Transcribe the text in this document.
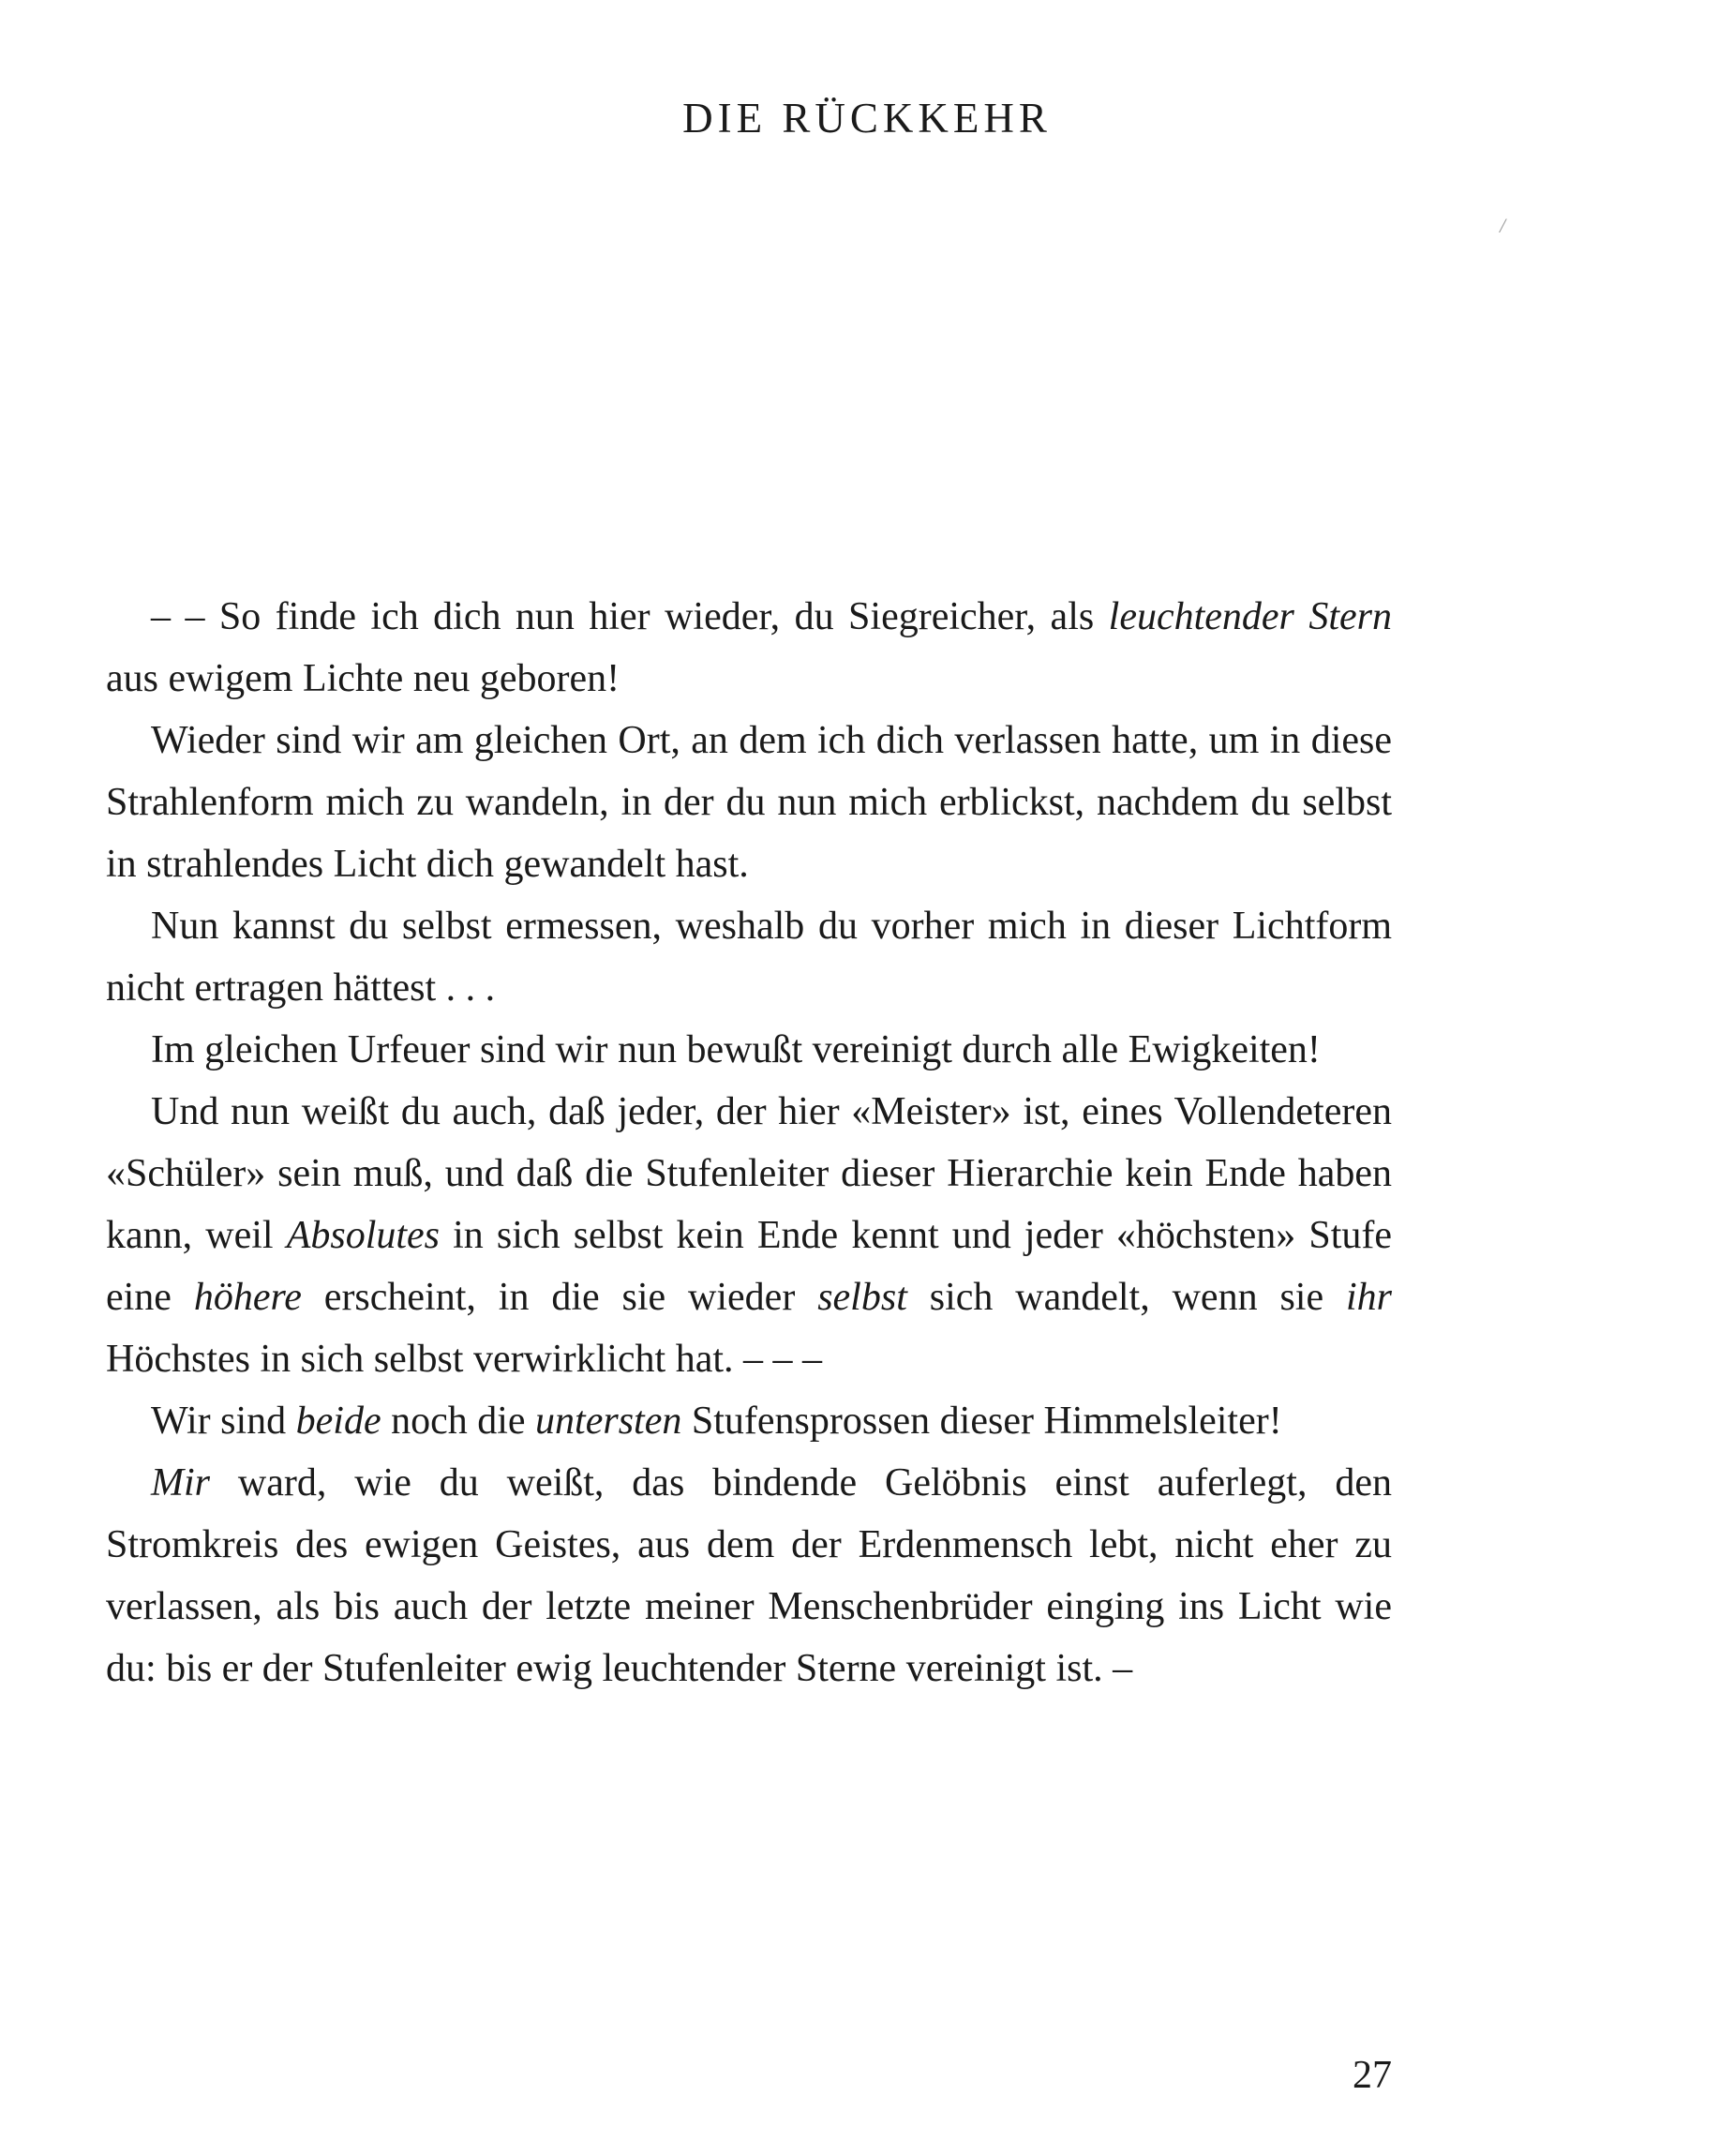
DIE RÜCKKEHR
/

– – So finde ich dich nun hier wieder, du Siegreicher, als leuchtender Stern aus ewigem Lichte neu geboren!

Wieder sind wir am gleichen Ort, an dem ich dich verlassen hatte, um in diese Strahlenform mich zu wandeln, in der du nun mich erblickst, nachdem du selbst in strahlendes Licht dich gewandelt hast.

Nun kannst du selbst ermessen, weshalb du vorher mich in dieser Lichtform nicht ertragen hättest . . .

Im gleichen Urfeuer sind wir nun bewußt vereinigt durch alle Ewigkeiten!

Und nun weißt du auch, daß jeder, der hier «Meister» ist, eines Vollendeteren «Schüler» sein muß, und daß die Stufenleiter dieser Hierarchie kein Ende haben kann, weil Absolutes in sich selbst kein Ende kennt und jeder «höchsten» Stufe eine höhere erscheint, in die sie wieder selbst sich wandelt, wenn sie ihr Höchstes in sich selbst verwirklicht hat. – – –

Wir sind beide noch die untersten Stufensprossen dieser Himmelsleiter!

Mir ward, wie du weißt, das bindende Gelöbnis einst auferlegt, den Stromkreis des ewigen Geistes, aus dem der Erdenmensch lebt, nicht eher zu verlassen, als bis auch der letzte meiner Menschenbrüder einging ins Licht wie du: bis er der Stufenleiter ewig leuchtender Sterne vereinigt ist. –

27
